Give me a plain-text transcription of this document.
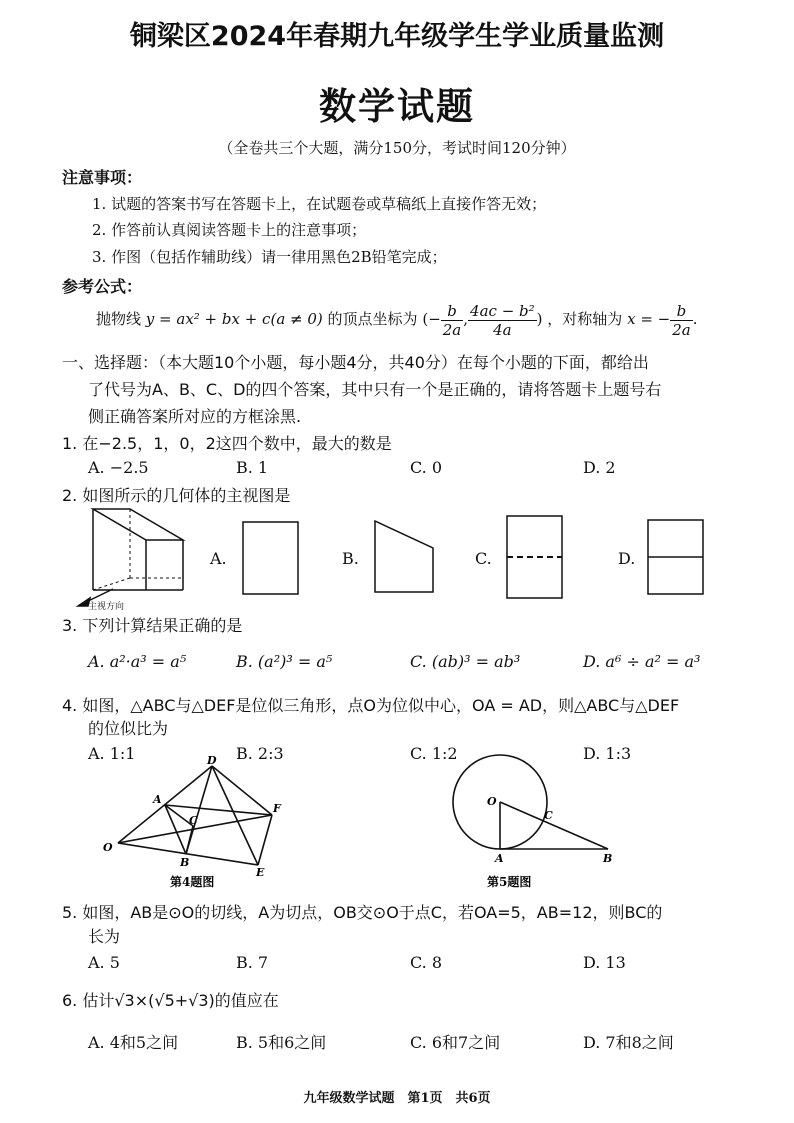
铜梁区2024年春期九年级学生学业质量监测
数学试题
（全卷共三个大题，满分150分，考试时间120分钟）
注意事项：
1. 试题的答案书写在答题卡上，在试题卷或草稿纸上直接作答无效；
2. 作答前认真阅读答题卡上的注意事项；
3. 作图（包括作辅助线）请一律用黑色2B铅笔完成；
参考公式：
抛物线 y = ax² + bx + c(a ≠ 0) 的顶点坐标为 (− $\frac{b}{2a}$ , $\frac{\text{4ac − b²}}{4a}$ ) ，对称轴为 x = − $\frac{b}{2a}$ .
一、选择题：（本大题10个小题，每小题4分，共40分）在每个小题的下面，都给出
了代号为A、B、C、D的四个答案，其中只有一个是正确的，请将答题卡上题号右
侧正确答案所对应的方框涂黑.
1. 在−2.5，1，0，2这四个数中，最大的数是
A. −2.5	B. 1	C. 0	D. 2
2. 如图所示的几何体的主视图是
主视方向
A.	B.	C.	D.
3. 下列计算结果正确的是
A. a²·a³ = a⁵	B. (a²)³ = a⁵	C. (ab)³ = ab³	D. a⁶ ÷ a² = a³
4. 如图，△ABC与△DEF是位似三角形，点O为位似中心，OA = AD，则△ABC与△DEF
的位似比为
A. 1:1	B. 2:3	C. 1:2	D. 1:3
O
A
B
C
D
E
F
第4题图
O
A	B
C
第5题图
5. 如图，AB是⊙O的切线，A为切点，OB交⊙O于点C，若OA=5，AB=12，则BC的
长为
A. 5	B. 7	C. 8	D. 13
6. 估计√3×(√5+√3)的值应在
A. 4和5之间	B. 5和6之间	C. 6和7之间	D. 7和8之间
九年级数学试题　第1页　共6页
